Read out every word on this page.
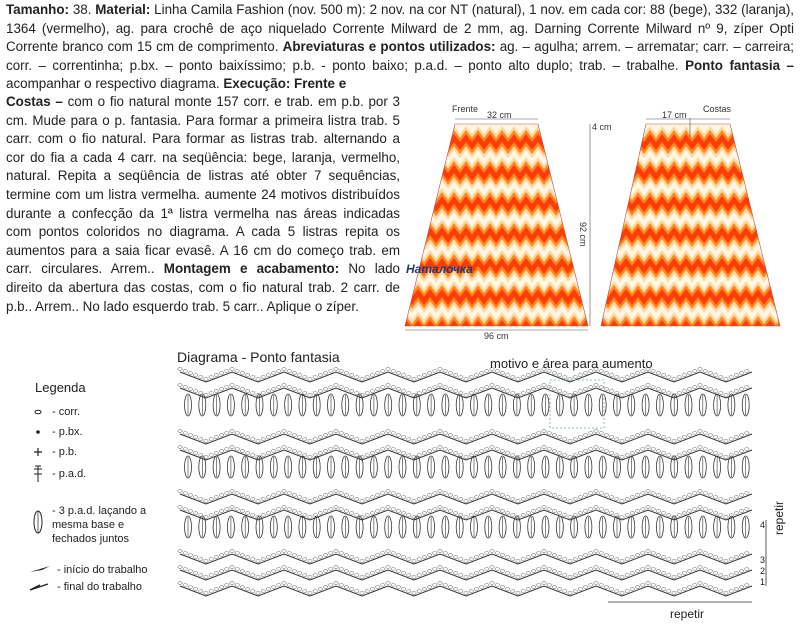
Tamanho: 38. Material: Linha Camila Fashion (nov. 500 m): 2 nov. na cor NT (natural), 1 nov. em cada cor: 88 (bege), 332 (laranja), 1364 (vermelho), ag. para crochê de aço niquelado Corrente Milward de 2 mm, ag. Darning Corrente Milward nº 9, zíper Opti Corrente branco com 15 cm de comprimento. Abreviaturas e pontos utilizados: ag. – agulha; arrem. – arrematar; carr. – carreira; corr. – correntinha; p.bx. – ponto baixíssimo; p.b. - ponto baixo; p.a.d. – ponto alto duplo; trab. – trabalhe. Ponto fantasia – acompanhar o respectivo diagrama. Execução: Frente e
Costas – com o fio natural monte 157 corr. e trab. em p.b. por 3 cm. Mude para o p. fantasia. Para formar a primeira listra trab. 5 carr. com o fio natural. Para formar as listras trab. alternando a cor do fia a cada 4 carr. na seqüência: bege, laranja, vermelho, natural. Repita a seqüência de listras até obter 7 sequências, termine com um listra vermelha. aumente 24 motivos distribuídos durante a confecção da 1ª listra vermelha nas áreas indicadas com pontos coloridos no diagrama. A cada 5 listras repita os aumentos para a saia ficar evasê. A 16 cm do começo trab. em carr. circulares. Arrem.. Montagem e acabamento: No lado direito da abertura das costas, com o fio natural trab. 2 carr. de p.b.. Arrem.. No lado esquerdo trab. 5 carr.. Aplique o zíper.
Frente
32 cm
Costas
17 cm
4 cm
92 cm
96 cm
Наталочка
Diagrama - Ponto fantasia	motivo e área para aumento
repetir
repetir
4
3
2
1
Legenda
- corr.
- p.bx.
- p.b.
- p.a.d.
- 3 p.a.d. laçando a mesma base e fechados juntos
- início do trabalho
- final do trabalho
